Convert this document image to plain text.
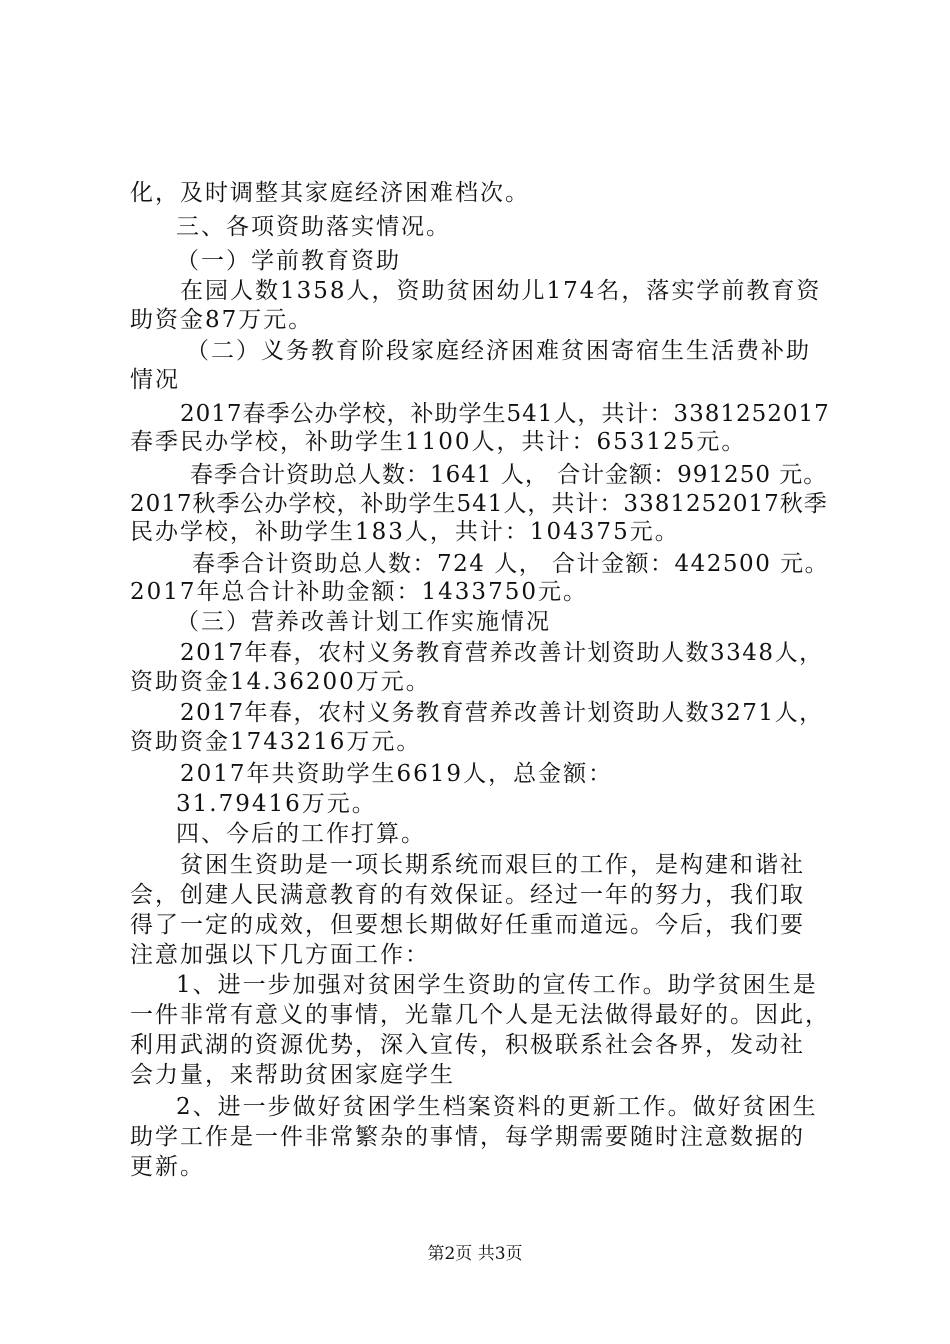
化，及时调整其家庭经济困难档次。

三、各项资助落实情况。

（一）学前教育资助

在园人数1358人，资助贫困幼儿174名，落实学前教育资

助资金87万元。

（二）义务教育阶段家庭经济困难贫困寄宿生生活费补助

情况

2017春季公办学校，补助学生541人，共计：3381252017

春季民办学校，补助学生1100人，共计：653125元。

春季合计资助总人数：1641 人， 合计金额：991250 元。

2017秋季公办学校，补助学生541人，共计：3381252017秋季

民办学校，补助学生183人，共计：104375元。

春季合计资助总人数：724 人， 合计金额：442500 元。

2017年总合计补助金额：1433750元。

（三）营养改善计划工作实施情况

2017年春，农村义务教育营养改善计划资助人数3348人，

资助资金14.36200万元。

2017年春，农村义务教育营养改善计划资助人数3271人，

资助资金1743216万元。

2017年共资助学生6619人，总金额：

31.79416万元。

四、今后的工作打算。

贫困生资助是一项长期系统而艰巨的工作，是构建和谐社

会，创建人民满意教育的有效保证。经过一年的努力，我们取

得了一定的成效，但要想长期做好任重而道远。今后，我们要

注意加强以下几方面工作：

1、进一步加强对贫困学生资助的宣传工作。助学贫困生是

一件非常有意义的事情，光靠几个人是无法做得最好的。因此，

利用武湖的资源优势，深入宣传，积极联系社会各界，发动社

会力量，来帮助贫困家庭学生

2、进一步做好贫困学生档案资料的更新工作。做好贫困生

助学工作是一件非常繁杂的事情，每学期需要随时注意数据的

更新。

第2页 共3页
